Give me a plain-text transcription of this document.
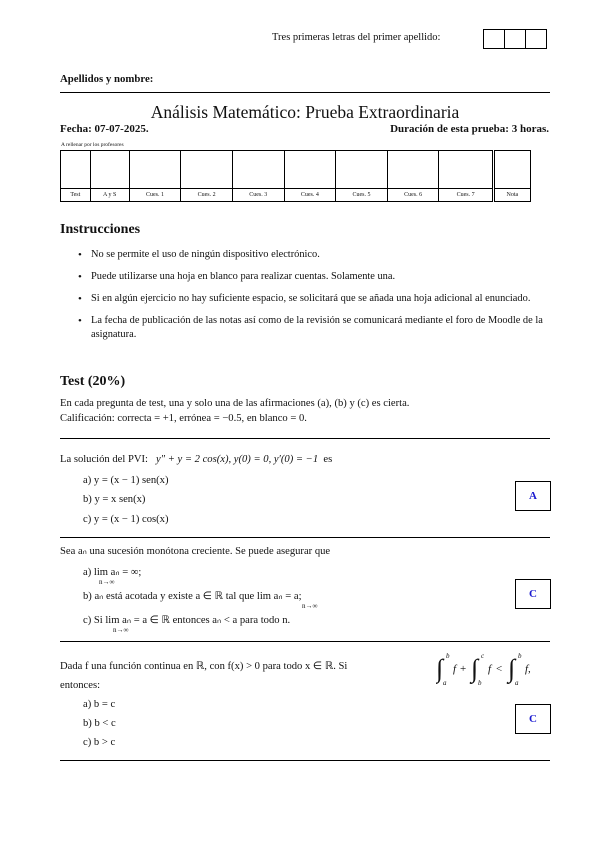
Tres primeras letras del primer apellido:
Apellidos y nombre:
Análisis Matemático: Prueba Extraordinaria
Fecha: 07-07-2025.	Duración de esta prueba: 3 horas.
A rellenar por los profesores

Test	A y S	Cues. 1	Cues. 2	Cues. 3	Cues. 4	Cues. 5	Cues. 6	Cues. 7	Nota
Instrucciones
• No se permite el uso de ningún dispositivo electrónico.
• Puede utilizarse una hoja en blanco para realizar cuentas. Solamente una.
• Si en algún ejercicio no hay suficiente espacio, se solicitará que se añada una hoja adicional al enunciado.
• La fecha de publicación de las notas así como de la revisión se comunicará mediante el foro de Moodle de la asignatura.
Test (20%)
En cada pregunta de test, una y solo una de las afirmaciones (a), (b) y (c) es cierta.
Calificación: correcta = +1, errónea = −0.5, en blanco = 0.
La solución del PVI: y″ + y = 2 cos(x), y(0) = 0, y′(0) = −1 es
a) y = (x − 1) sen(x)
b) y = x sen(x)
c) y = (x − 1) cos(x)
A
Sea aₙ una sucesión monótona creciente. Se puede asegurar que
a) lim aₙ = ∞;
n→∞
b) aₙ está acotada y existe a ∈ ℝ tal que lim aₙ = a;
n→∞
c) Si lim aₙ = a ∈ ℝ entonces aₙ < a para todo n.
n→∞
C
Dada f una función continua en ℝ, con f(x) > 0 para todo x ∈ ℝ. Si	∫ b
a
f + ∫ c
b
f < ∫ b
a
f,
entonces:
a) b = c
b) b < c
c) b > c
C
